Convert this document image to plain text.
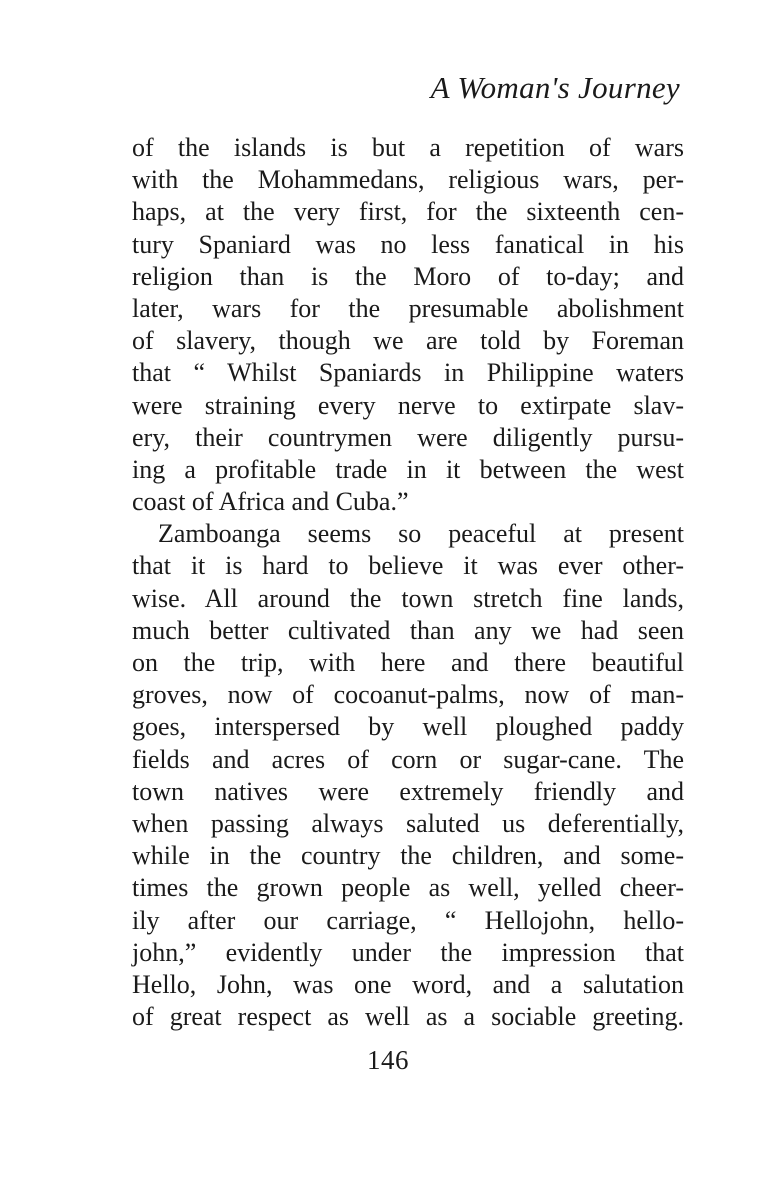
A Woman's Journey
of the islands is but a repetition of wars
with the Mohammedans, religious wars, per-
haps, at the very first, for the sixteenth cen-
tury Spaniard was no less fanatical in his
religion than is the Moro of to-day; and
later, wars for the presumable abolishment
of slavery, though we are told by Foreman
that “ Whilst Spaniards in Philippine waters
were straining every nerve to extirpate slav-
ery, their countrymen were diligently pursu-
ing a profitable trade in it between the west
coast of Africa and Cuba.”
Zamboanga seems so peaceful at present
that it is hard to believe it was ever other-
wise. All around the town stretch fine lands,
much better cultivated than any we had seen
on the trip, with here and there beautiful
groves, now of cocoanut-palms, now of man-
goes, interspersed by well ploughed paddy
fields and acres of corn or sugar-cane. The
town natives were extremely friendly and
when passing always saluted us deferentially,
while in the country the children, and some-
times the grown people as well, yelled cheer-
ily after our carriage, “ Hellojohn, hello-
john,” evidently under the impression that
Hello, John, was one word, and a salutation
of great respect as well as a sociable greeting.
146
